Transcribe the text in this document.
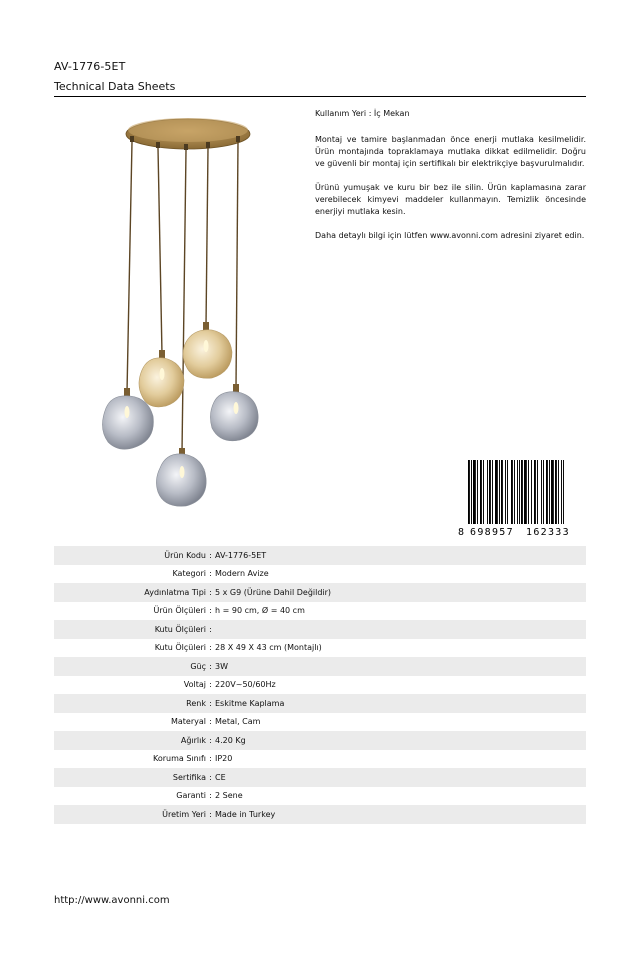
AV-1776-5ET
Technical Data Sheets

Kullanım Yeri : İç Mekan

Montaj ve tamire başlanmadan önce enerji mutlaka kesilmelidir. Ürün montajında topraklamaya mutlaka dikkat edilmelidir. Doğru ve güvenli bir montaj için sertifikalı bir elektrikçiye başvurulmalıdır.

Ürünü yumuşak ve kuru bir bez ile silin. Ürün kaplamasına zarar verebilecek kimyevi maddeler kullanmayın. Temizlik öncesinde enerjiyi mutlaka kesin.

Daha detaylı bilgi için lütfen www.avonni.com adresini ziyaret edin.

8 698957 162333
Ürün Kodu : AV-1776-5ET
Kategori : Modern Avize
Aydınlatma Tipi : 5 x G9 (Ürüne Dahil Değildir)
Ürün Ölçüleri : h = 90 cm, Ø = 40 cm
Kutu Ölçüleri :
Kutu Ölçüleri : 28 X 49 X 43 cm (Montajlı)
Güç : 3W
Voltaj : 220V~50/60Hz
Renk : Eskitme Kaplama
Materyal : Metal, Cam
Ağırlık : 4.20 Kg
Koruma Sınıfı : IP20
Sertifika : CE
Garanti : 2 Sene
Üretim Yeri : Made in Turkey
http://www.avonni.com
